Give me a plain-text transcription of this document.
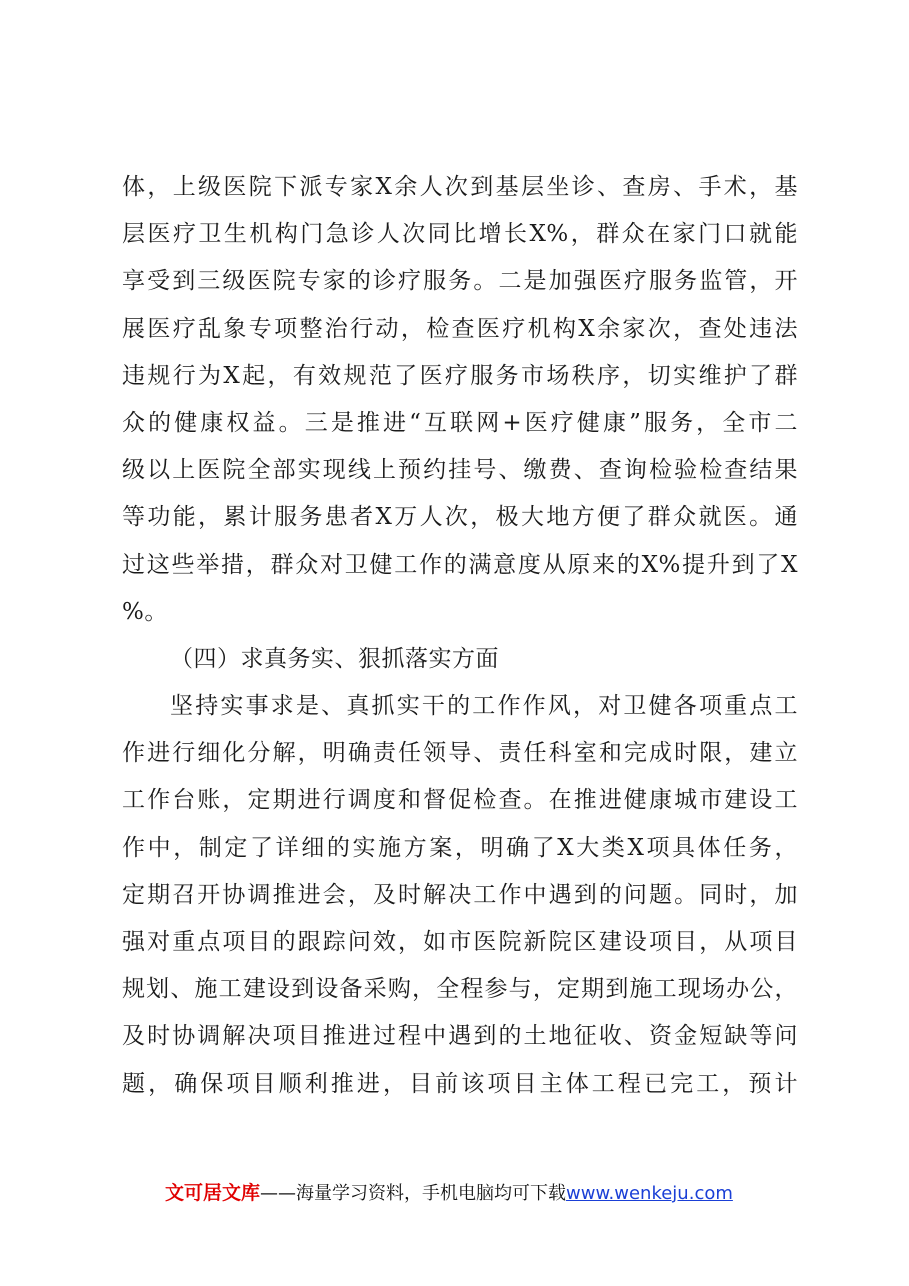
体，上级医院下派专家X余人次到基层坐诊、查房、手术，基
层医疗卫生机构门急诊人次同比增长X%，群众在家门口就能
享受到三级医院专家的诊疗服务。二是加强医疗服务监管，开
展医疗乱象专项整治行动，检查医疗机构X余家次，查处违法
违规行为X起，有效规范了医疗服务市场秩序，切实维护了群
众的健康权益。三是推进“互联网+医疗健康”服务，全市二
级以上医院全部实现线上预约挂号、缴费、查询检验检查结果
等功能，累计服务患者X万人次，极大地方便了群众就医。通
过这些举措，群众对卫健工作的满意度从原来的X%提升到了X
%。
（四）求真务实、狠抓落实方面
坚持实事求是、真抓实干的工作作风，对卫健各项重点工
作进行细化分解，明确责任领导、责任科室和完成时限，建立
工作台账，定期进行调度和督促检查。在推进健康城市建设工
作中，制定了详细的实施方案，明确了X大类X项具体任务，
定期召开协调推进会，及时解决工作中遇到的问题。同时，加
强对重点项目的跟踪问效，如市医院新院区建设项目，从项目
规划、施工建设到设备采购，全程参与，定期到施工现场办公，
及时协调解决项目推进过程中遇到的土地征收、资金短缺等问
题，确保项目顺利推进，目前该项目主体工程已完工，预计
文可居文库——海量学习资料，手机电脑均可下载www.wenkeju.com
